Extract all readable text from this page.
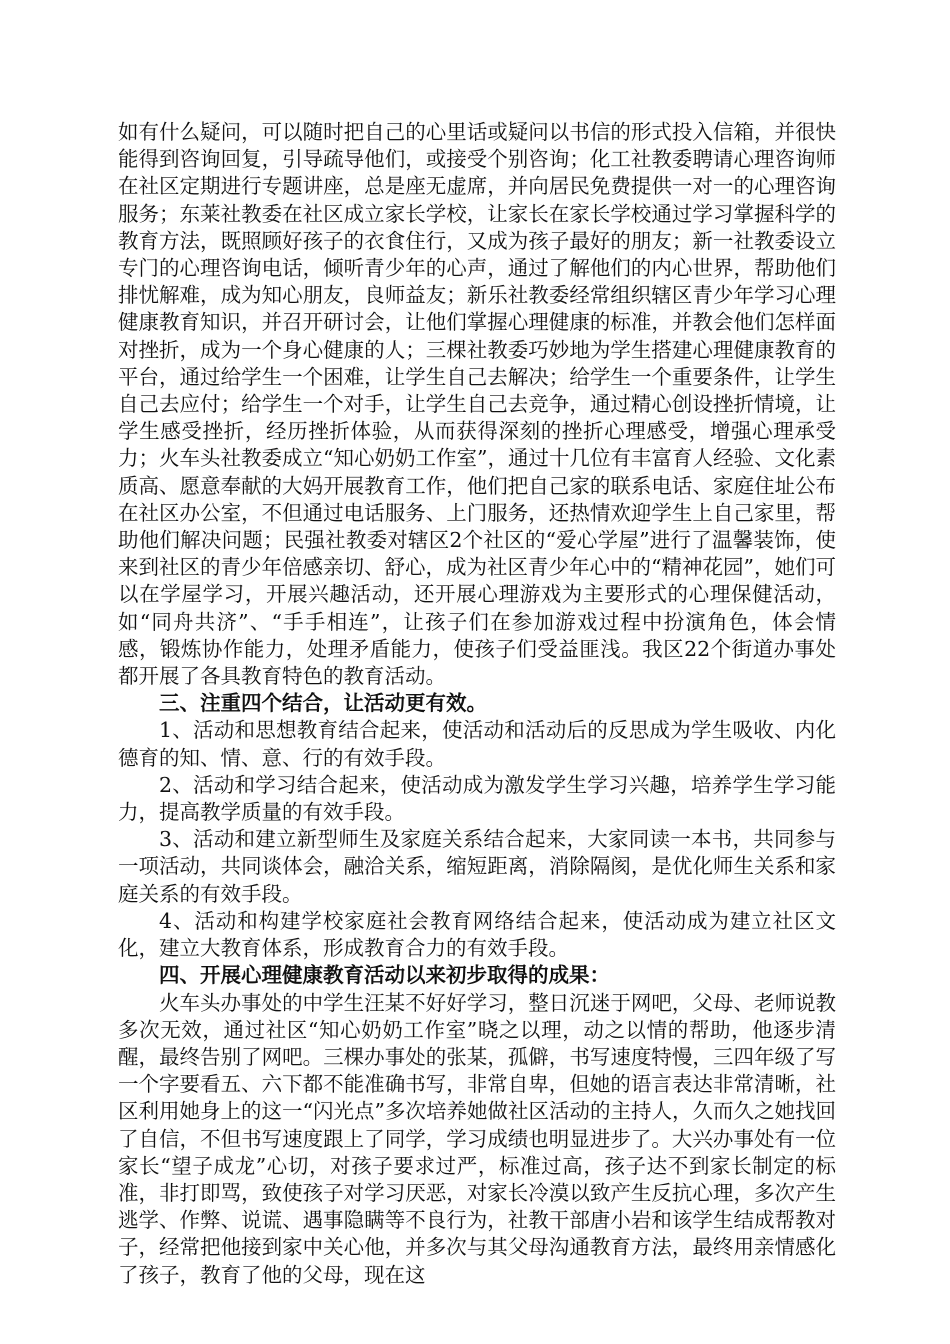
如有什么疑问，可以随时把自己的心里话或疑问以书信的形式投入信箱，并很快能得到咨询回复，引导疏导他们，或接受个别咨询；化工社教委聘请心理咨询师在社区定期进行专题讲座，总是座无虚席，并向居民免费提供一对一的心理咨询服务；东莱社教委在社区成立家长学校，让家长在家长学校通过学习掌握科学的教育方法，既照顾好孩子的衣食住行，又成为孩子最好的朋友；新一社教委设立专门的心理咨询电话，倾听青少年的心声，通过了解他们的内心世界，帮助他们排忧解难，成为知心朋友，良师益友；新乐社教委经常组织辖区青少年学习心理健康教育知识，并召开研讨会，让他们掌握心理健康的标准，并教会他们怎样面对挫折，成为一个身心健康的人；三棵社教委巧妙地为学生搭建心理健康教育的平台，通过给学生一个困难，让学生自己去解决；给学生一个重要条件，让学生自己去应付；给学生一个对手，让学生自己去竞争，通过精心创设挫折情境，让学生感受挫折，经历挫折体验，从而获得深刻的挫折心理感受，增强心理承受力；火车头社教委成立“知心奶奶工作室”，通过十几位有丰富育人经验、文化素质高、愿意奉献的大妈开展教育工作，他们把自己家的联系电话、家庭住址公布在社区办公室，不但通过电话服务、上门服务，还热情欢迎学生上自己家里，帮助他们解决问题；民强社教委对辖区2个社区的“爱心学屋”进行了温馨装饰，使来到社区的青少年倍感亲切、舒心，成为社区青少年心中的“精神花园”，她们可以在学屋学习，开展兴趣活动，还开展心理游戏为主要形式的心理保健活动，如“同舟共济”、“手手相连”，让孩子们在参加游戏过程中扮演角色，体会情感，锻炼协作能力，处理矛盾能力，使孩子们受益匪浅。我区22个街道办事处都开展了各具教育特色的教育活动。

三、注重四个结合，让活动更有效。

1、活动和思想教育结合起来，使活动和活动后的反思成为学生吸收、内化德育的知、情、意、行的有效手段。

2、活动和学习结合起来，使活动成为激发学生学习兴趣，培养学生学习能力，提高教学质量的有效手段。

3、活动和建立新型师生及家庭关系结合起来，大家同读一本书，共同参与一项活动，共同谈体会，融洽关系，缩短距离，消除隔阂，是优化师生关系和家庭关系的有效手段。

4、活动和构建学校家庭社会教育网络结合起来，使活动成为建立社区文化，建立大教育体系，形成教育合力的有效手段。

四、开展心理健康教育活动以来初步取得的成果：

火车头办事处的中学生汪某不好好学习，整日沉迷于网吧，父母、老师说教多次无效，通过社区“知心奶奶工作室”晓之以理，动之以情的帮助，他逐步清醒，最终告别了网吧。三棵办事处的张某，孤僻，书写速度特慢，三四年级了写一个字要看五、六下都不能准确书写，非常自卑，但她的语言表达非常清晰，社区利用她身上的这一“闪光点”多次培养她做社区活动的主持人，久而久之她找回了自信，不但书写速度跟上了同学，学习成绩也明显进步了。大兴办事处有一位家长“望子成龙”心切，对孩子要求过严，标准过高，孩子达不到家长制定的标准，非打即骂，致使孩子对学习厌恶，对家长冷漠以致产生反抗心理，多次产生逃学、作弊、说谎、遇事隐瞒等不良行为，社教干部唐小岩和该学生结成帮教对子，经常把他接到家中关心他，并多次与其父母沟通教育方法，最终用亲情感化了孩子，教育了他的父母，现在这
